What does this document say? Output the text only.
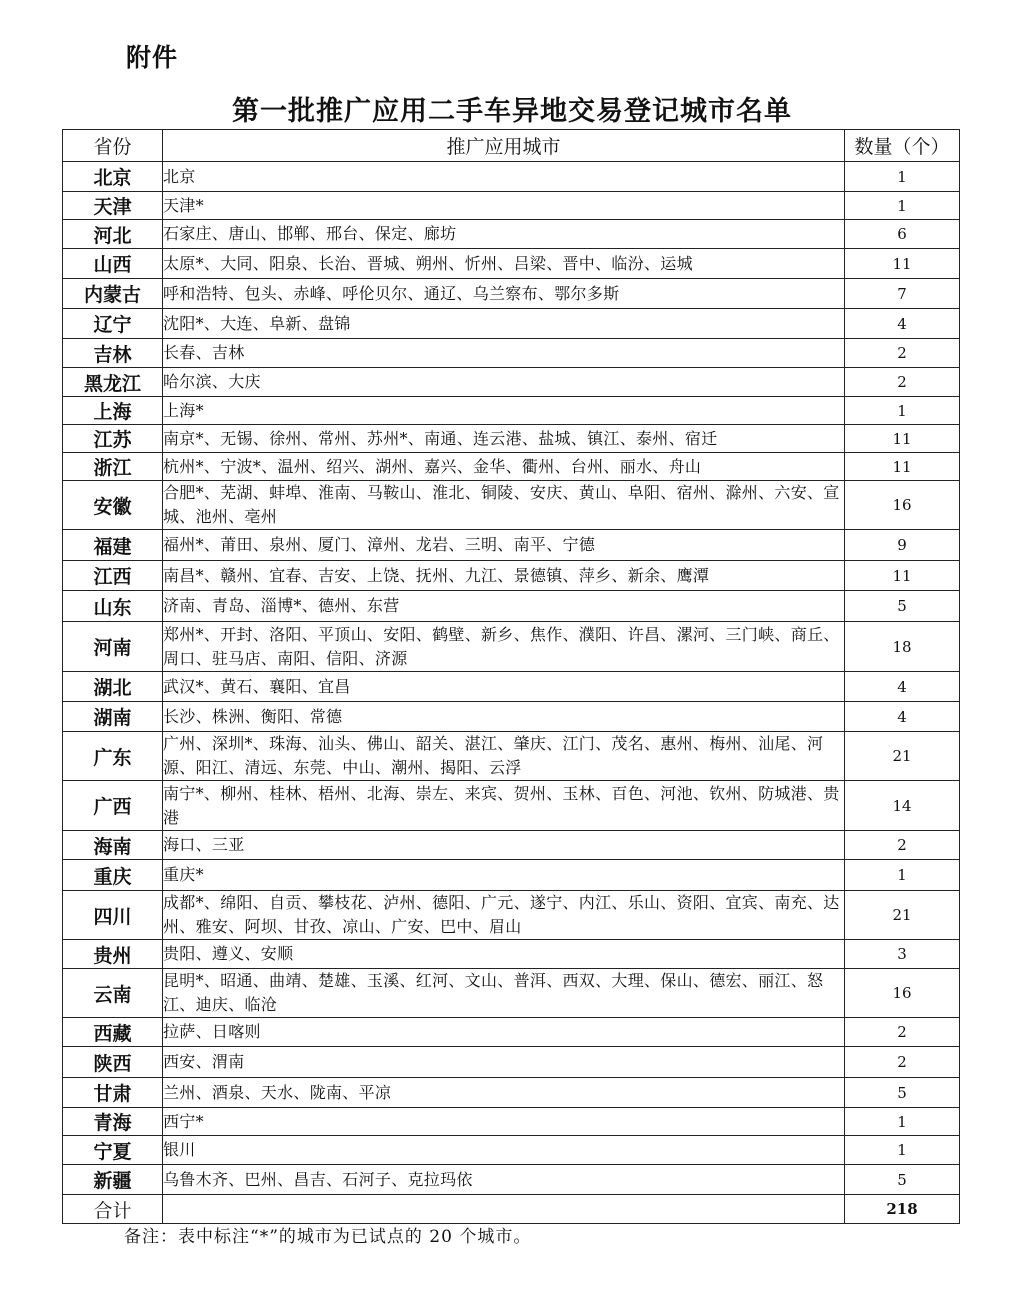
附件
第一批推广应用二手车异地交易登记城市名单
省份	推广应用城市	数量（个）
北京	北京	1
天津	天津*	1
河北	石家庄、唐山、邯郸、邢台、保定、廊坊	6
山西	太原*、大同、阳泉、长治、晋城、朔州、忻州、吕梁、晋中、临汾、运城	11
内蒙古	呼和浩特、包头、赤峰、呼伦贝尔、通辽、乌兰察布、鄂尔多斯	7
辽宁	沈阳*、大连、阜新、盘锦	4
吉林	长春、吉林	2
黑龙江	哈尔滨、大庆	2
上海	上海*	1
江苏	南京*、无锡、徐州、常州、苏州*、南通、连云港、盐城、镇江、泰州、宿迁	11
浙江	杭州*、宁波*、温州、绍兴、湖州、嘉兴、金华、衢州、台州、丽水、舟山	11
安徽	合肥*、芜湖、蚌埠、淮南、马鞍山、淮北、铜陵、安庆、黄山、阜阳、宿州、滁州、六安、宣城、池州、亳州	16
福建	福州*、莆田、泉州、厦门、漳州、龙岩、三明、南平、宁德	9
江西	南昌*、赣州、宜春、吉安、上饶、抚州、九江、景德镇、萍乡、新余、鹰潭	11
山东	济南、青岛、淄博*、德州、东营	5
河南	郑州*、开封、洛阳、平顶山、安阳、鹤壁、新乡、焦作、濮阳、许昌、漯河、三门峡、商丘、周口、驻马店、南阳、信阳、济源	18
湖北	武汉*、黄石、襄阳、宜昌	4
湖南	长沙、株洲、衡阳、常德	4
广东	广州、深圳*、珠海、汕头、佛山、韶关、湛江、肇庆、江门、茂名、惠州、梅州、汕尾、河源、阳江、清远、东莞、中山、潮州、揭阳、云浮	21
广西	南宁*、柳州、桂林、梧州、北海、崇左、来宾、贺州、玉林、百色、河池、钦州、防城港、贵港	14
海南	海口、三亚	2
重庆	重庆*	1
四川	成都*、绵阳、自贡、攀枝花、泸州、德阳、广元、遂宁、内江、乐山、资阳、宜宾、南充、达州、雅安、阿坝、甘孜、凉山、广安、巴中、眉山	21
贵州	贵阳、遵义、安顺	3
云南	昆明*、昭通、曲靖、楚雄、玉溪、红河、文山、普洱、西双、大理、保山、德宏、丽江、怒江、迪庆、临沧	16
西藏	拉萨、日喀则	2
陕西	西安、渭南	2
甘肃	兰州、酒泉、天水、陇南、平凉	5
青海	西宁*	1
宁夏	银川	1
新疆	乌鲁木齐、巴州、昌吉、石河子、克拉玛依	5
合计		218
备注：表中标注“*”的城市为已试点的 20 个城市。
